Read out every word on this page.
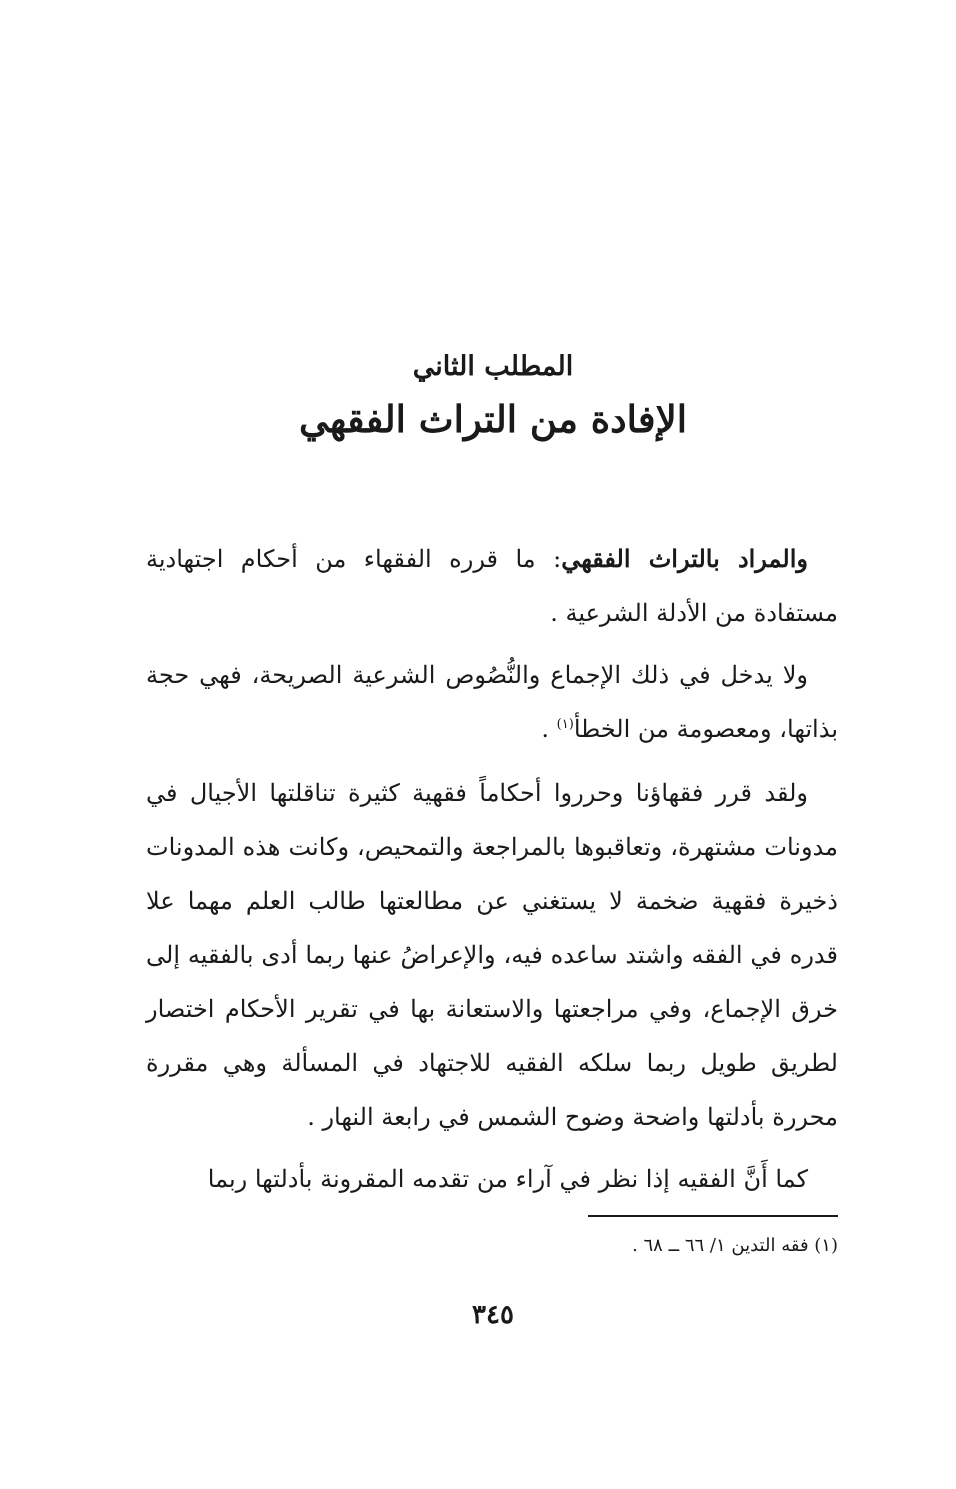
المطلب الثاني

الإفادة من التراث الفقهي

والمراد بالتراث الفقهي: ما قرره الفقهاء من أحكام اجتهادية مستفادة من الأدلة الشرعية .

ولا يدخل في ذلك الإجماع والنُّصُوص الشرعية الصريحة، فهي حجة بذاتها، ومعصومة من الخطأ$^{(١)}$ .

ولقد قرر فقهاؤنا وحرروا أحكاماً فقهية كثيرة تناقلتها الأجيال في مدونات مشتهرة، وتعاقبوها بالمراجعة والتمحيص، وكانت هذه المدونات ذخيرة فقهية ضخمة لا يستغني عن مطالعتها طالب العلم مهما علا قدره في الفقه واشتد ساعده فيه، والإعراضُ عنها ربما أدى بالفقيه إلى خرق الإجماع، وفي مراجعتها والاستعانة بها في تقرير الأحكام اختصار لطريق طويل ربما سلكه الفقيه للاجتهاد في المسألة وهي مقررة محررة بأدلتها واضحة وضوح الشمس في رابعة النهار .

كما أَنَّ الفقيه إذا نظر في آراء من تقدمه المقرونة بأدلتها ربما

(١) فقه التدين ١/ ٦٦ ــ ٦٨ .
٣٤٥
